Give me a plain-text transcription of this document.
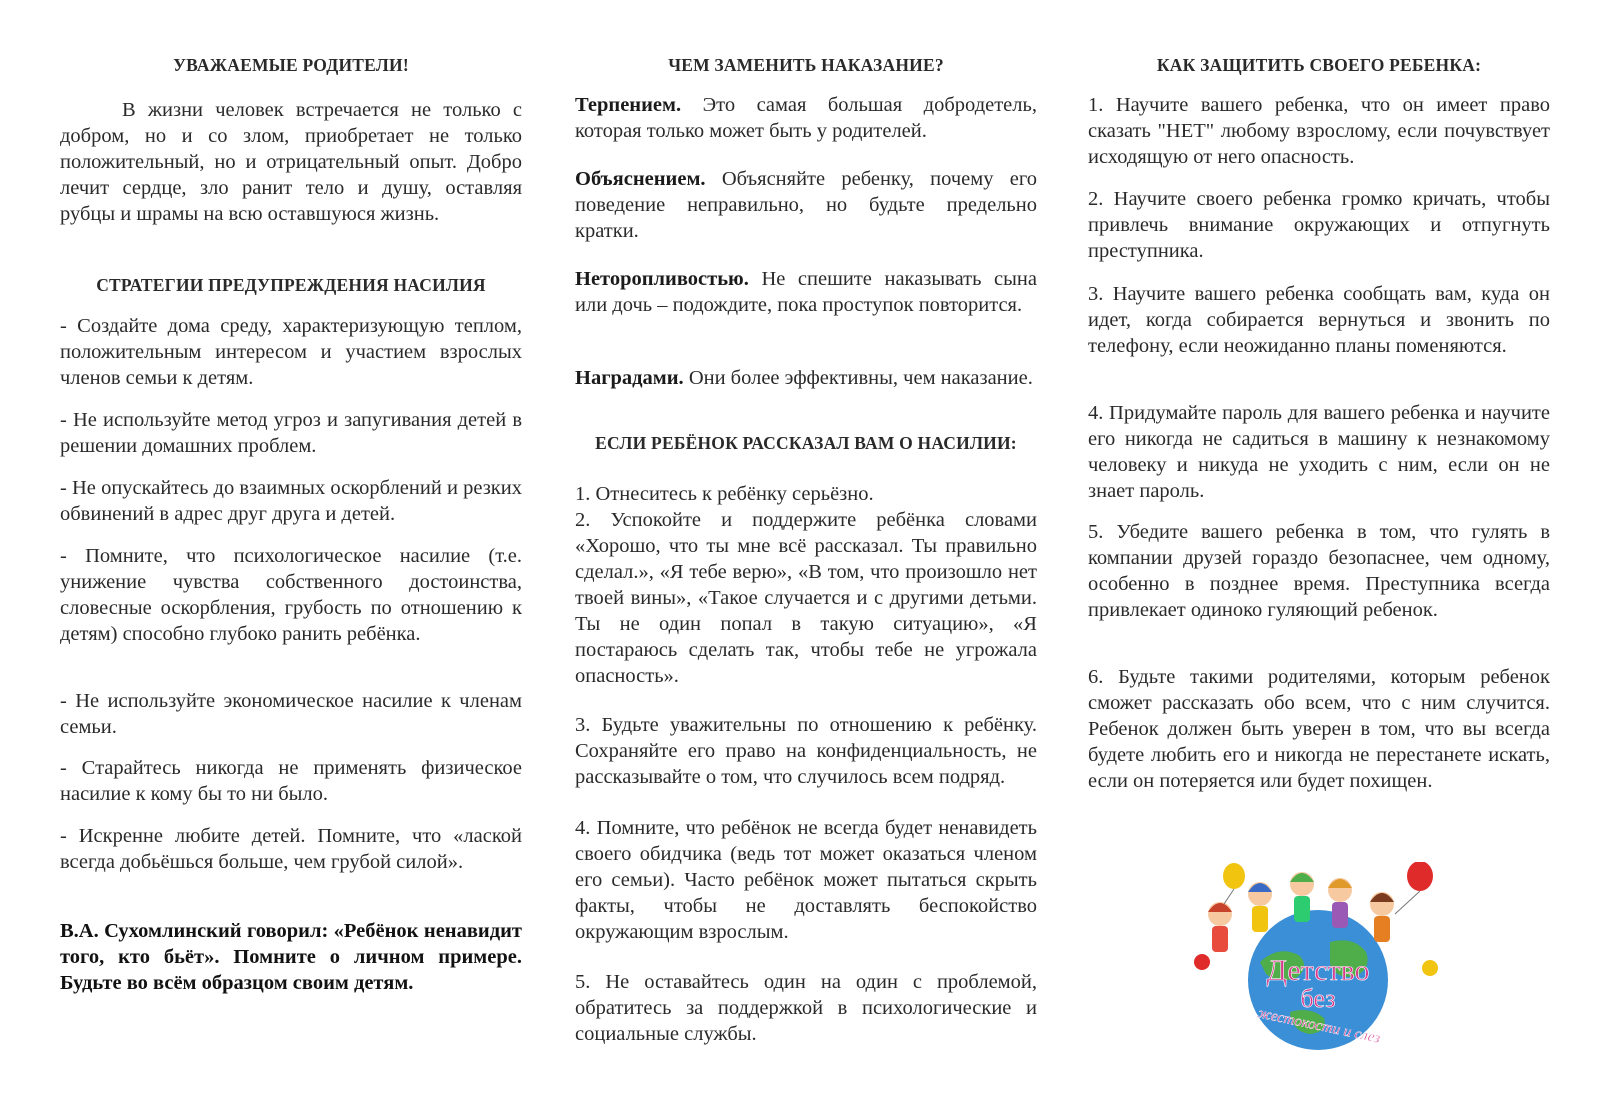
УВАЖАЕМЫЕ РОДИТЕЛИ!

В жизни человек встречается не только с добром, но и со злом, приобретает не только положительный, но и отрицательный опыт. Добро лечит сердце, зло ранит тело и душу, оставляя рубцы и шрамы на всю оставшуюся жизнь.

СТРАТЕГИИ ПРЕДУПРЕЖДЕНИЯ НАСИЛИЯ

- Создайте дома среду, характеризующую теплом, положительным интересом и участием взрослых членов семьи к детям.

- Не используйте метод угроз и запугивания детей в решении домашних проблем.

- Не опускайтесь до взаимных оскорблений и резких обвинений в адрес друг друга и детей.

- Помните, что психологическое насилие (т.е. унижение чувства собственного достоинства, словесные оскорбления, грубость по отношению к детям) способно глубоко ранить ребёнка.

- Не используйте экономическое насилие к членам семьи.

- Старайтесь никогда не применять физическое насилие к кому бы то ни было.

- Искренне любите детей. Помните, что «лаской всегда добьёшься больше, чем грубой силой».

В.А. Сухомлинский говорил: «Ребёнок ненавидит того, кто бьёт». Помните о личном примере. Будьте во всём образцом своим детям.

ЧЕМ ЗАМЕНИТЬ НАКАЗАНИЕ?

Терпением. Это самая большая добродетель, которая только может быть у родителей.

Объяснением. Объясняйте ребенку, почему его поведение неправильно, но будьте предельно кратки.

Неторопливостью. Не спешите наказывать сына или дочь – подождите, пока проступок повторится.

Наградами. Они более эффективны, чем наказание.

ЕСЛИ РЕБЁНОК РАССКАЗАЛ ВАМ О НАСИЛИИ:

1. Отнеситесь к ребёнку серьёзно.

2. Успокойте и поддержите ребёнка словами «Хорошо, что ты мне всё рассказал. Ты правильно сделал.», «Я тебе верю», «В том, что произошло нет твоей вины», «Такое случается и с другими детьми. Ты не один попал в такую ситуацию», «Я постараюсь сделать так, чтобы тебе не угрожала опасность».

3. Будьте уважительны по отношению к ребёнку. Сохраняйте его право на конфиденциальность, не рассказывайте о том, что случилось всем подряд.

4. Помните, что ребёнок не всегда будет ненавидеть своего обидчика (ведь тот может оказаться членом его семьи). Часто ребёнок может пытаться скрыть факты, чтобы не доставлять беспокойство окружающим взрослым.

5. Не оставайтесь один на один с проблемой, обратитесь за поддержкой в психологические и социальные службы.

КАК ЗАЩИТИТЬ СВОЕГО РЕБЕНКА:

1. Научите вашего ребенка, что он имеет право сказать "НЕТ" любому взрослому, если почувствует исходящую от него опасность.

2. Научите своего ребенка громко кричать, чтобы привлечь внимание окружающих и отпугнуть преступника.

3. Научите вашего ребенка сообщать вам, куда он идет, когда собирается вернуться и звонить по телефону, если неожиданно планы поменяются.

4. Придумайте пароль для вашего ребенка и научите его никогда не садиться в машину к незнакомому человеку и никуда не уходить с ним, если он не знает пароль.

5. Убедите вашего ребенка в том, что гулять в компании друзей гораздо безопаснее, чем одному, особенно в позднее время. Преступника всегда привлекает одиноко гуляющий ребенок.

6. Будьте такими родителями, которым ребенок сможет рассказать обо всем, что с ним случится. Ребенок должен быть уверен в том, что вы всегда будете любить его и никогда не перестанете искать, если он потеряется или будет похищен.

Детство
без
жестокости и слез
